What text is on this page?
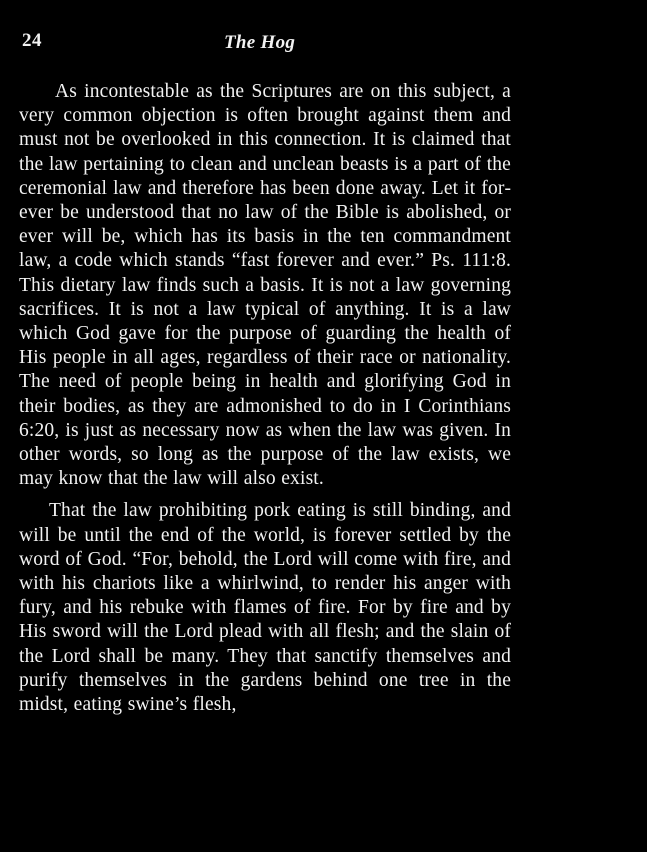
24	The Hog

As incontestable as the Scriptures are on this subject, a very common objection is often brought against them and must not be overlooked in this connection. It is claimed that the law pertaining to clean and unclean beasts is a part of the ceremonial law and therefore has been done away. Let it forever be understood that no law of the Bible is abolished, or ever will be, which has its basis in the ten commandment law, a code which stands “fast forever and ever.” Ps. 111:8. This dietary law finds such a basis. It is not a law governing sacrifices. It is not a law typical of anything. It is a law which God gave for the purpose of guarding the health of His people in all ages, regardless of their race or nationality. The need of people being in health and glorifying God in their bodies, as they are admonished to do in I Corinthians 6:20, is just as necessary now as when the law was given. In other words, so long as the purpose of the law exists, we may know that the law will also exist.

That the law prohibiting pork eating is still binding, and will be until the end of the world, is forever settled by the word of God. “For, behold, the Lord will come with fire, and with his chariots like a whirlwind, to render his anger with fury, and his rebuke with flames of fire. For by fire and by His sword will the Lord plead with all flesh; and the slain of the Lord shall be many. They that sanctify themselves and purify themselves in the gardens behind one tree in the midst, eating swine’s flesh,
